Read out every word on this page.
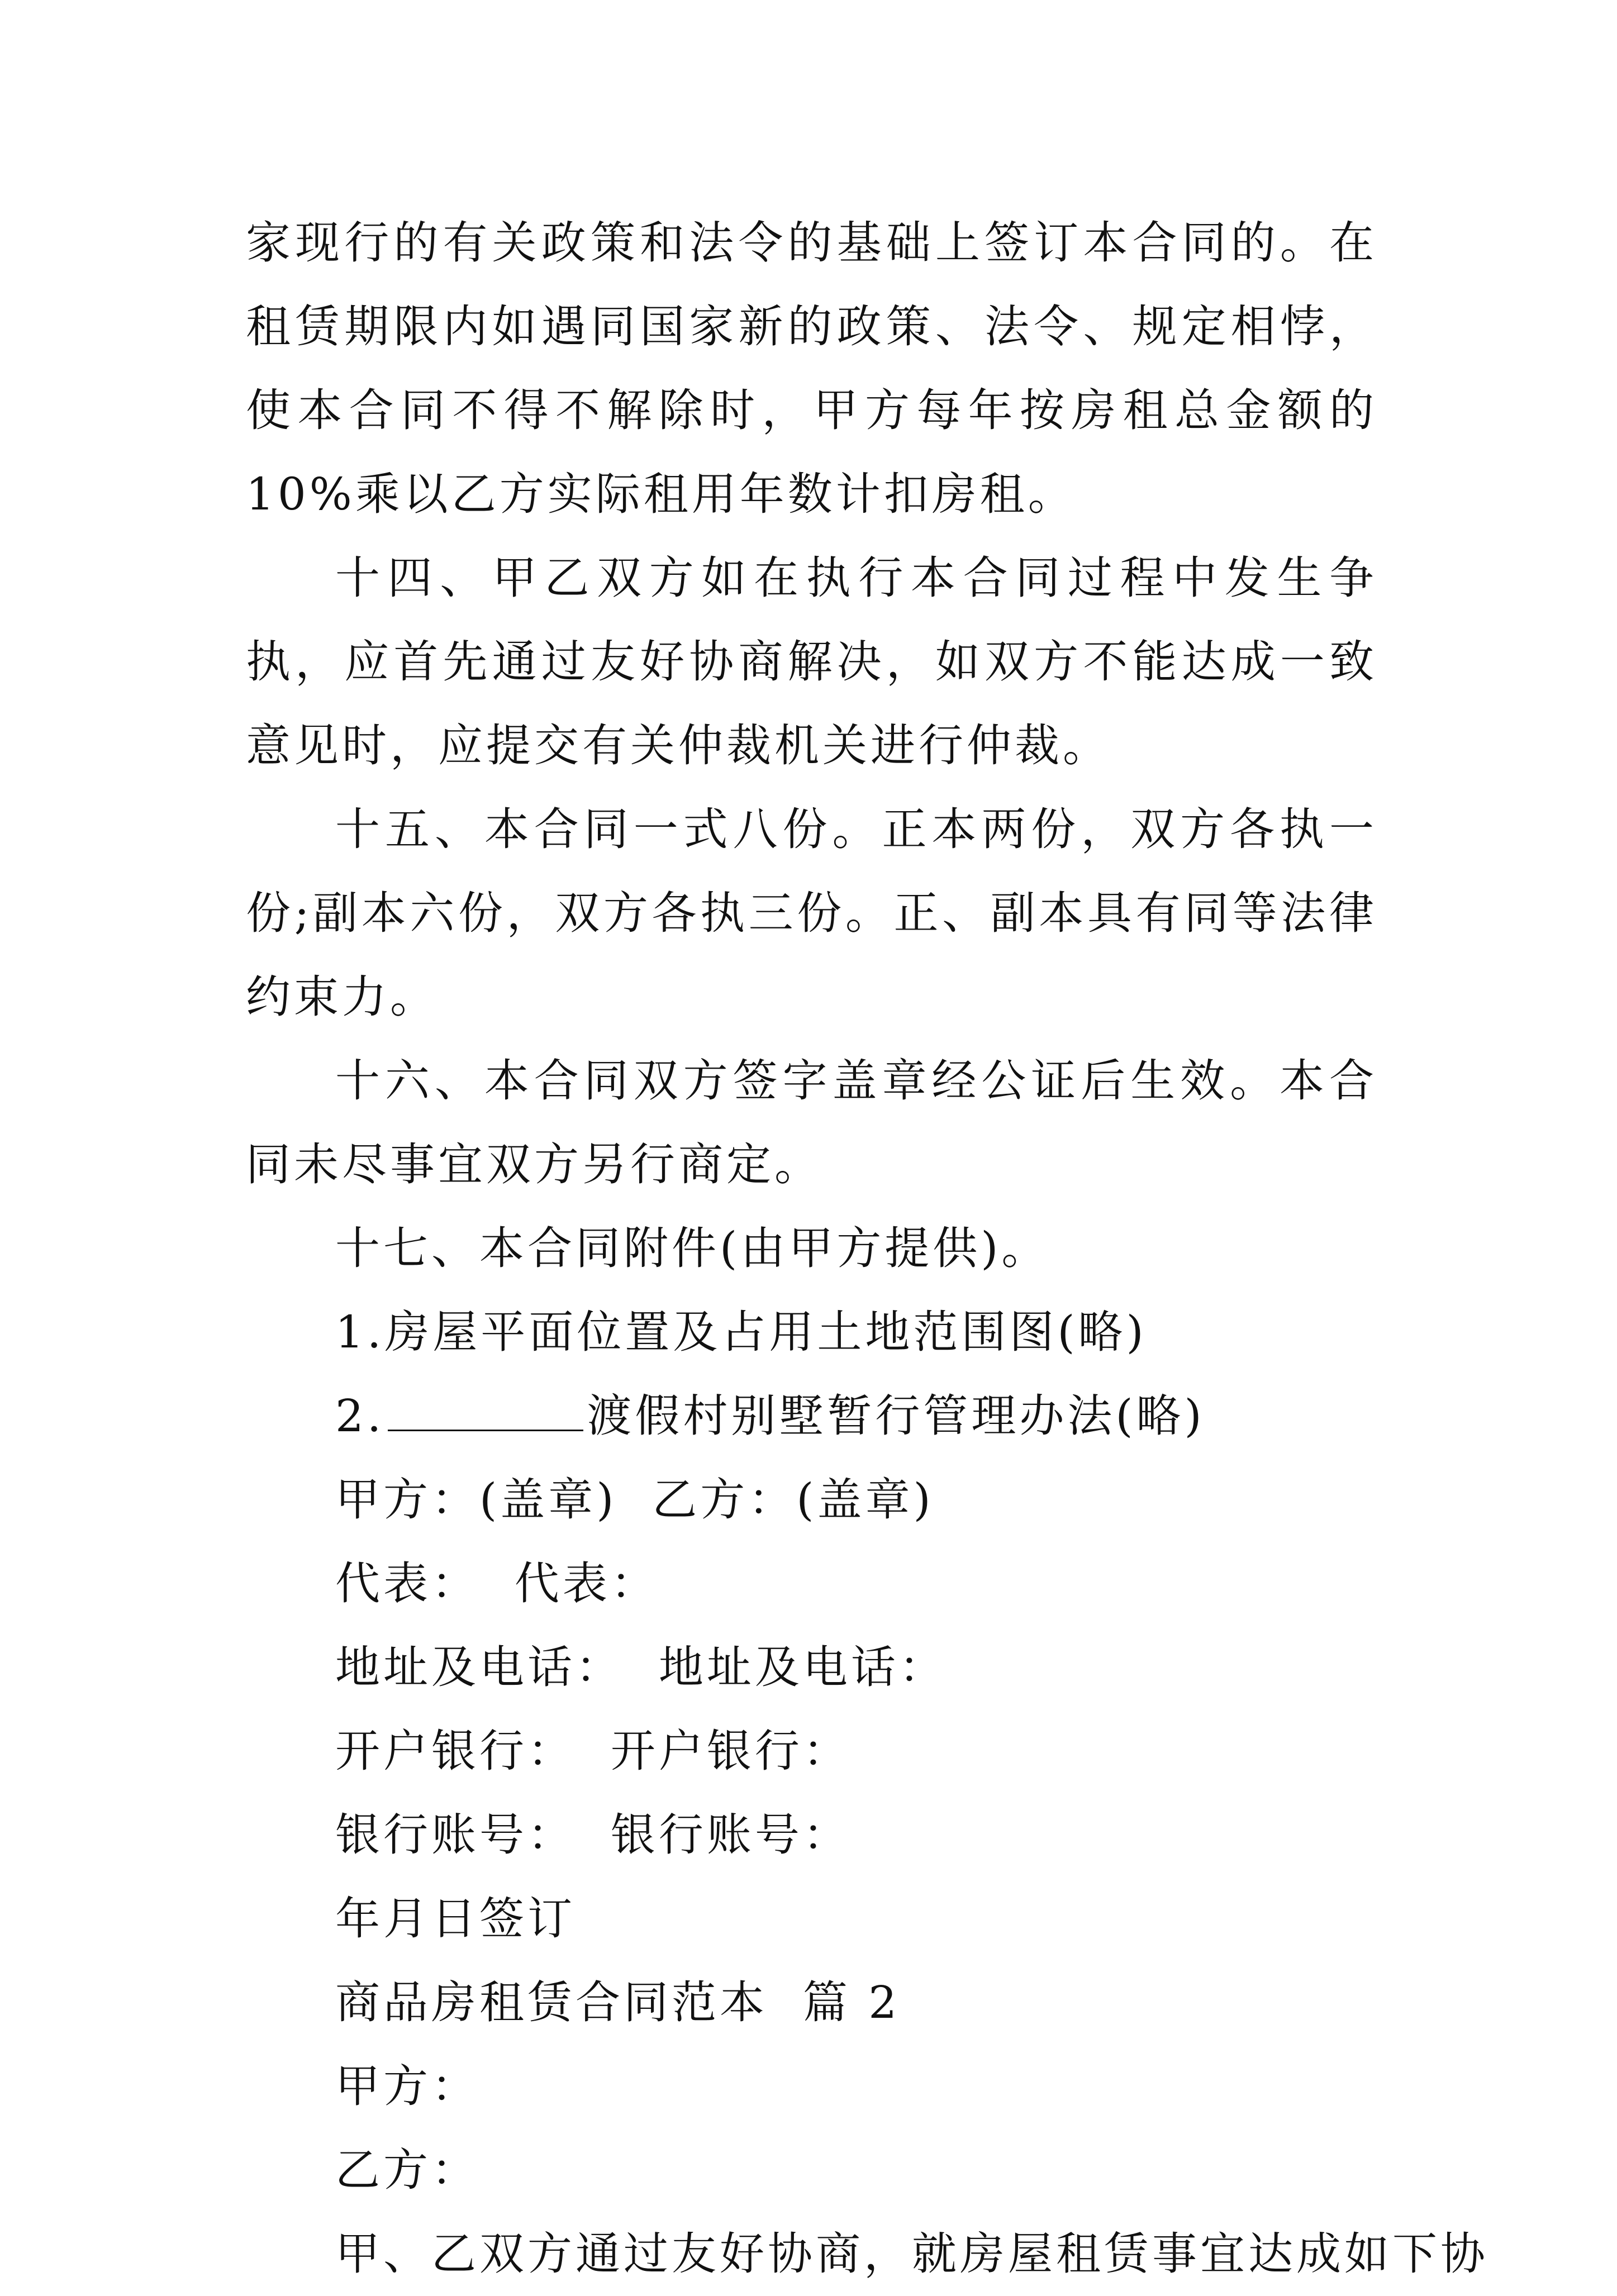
家现行的有关政策和法令的基础上签订本合同的。在租赁期限内如遇同国家新的政策、法令、规定相悖，使本合同不得不解除时，甲方每年按房租总金额的10%乘以乙方实际租用年数计扣房租。

十四、甲乙双方如在执行本合同过程中发生争执，应首先通过友好协商解决，如双方不能达成一致意见时，应提交有关仲裁机关进行仲裁。

十五、本合同一式八份。正本两份，双方各执一份;副本六份，双方各执三份。正、副本具有同等法律约束力。

十六、本合同双方签字盖章经公证后生效。本合同未尽事宜双方另行商定。

十七、本合同附件(由甲方提供)。

1.房屋平面位置及占用土地范围图(略)

2.	渡假村别墅暂行管理办法(略)

甲方：(盖章)  乙方：(盖章)

代表：  代表：

地址及电话：  地址及电话：

开户银行：  开户银行：

银行账号：  银行账号：

年月日签订

商品房租赁合同范本  篇 2

甲方：

乙方：

甲、乙双方通过友好协商，就房屋租赁事宜达成如下协
